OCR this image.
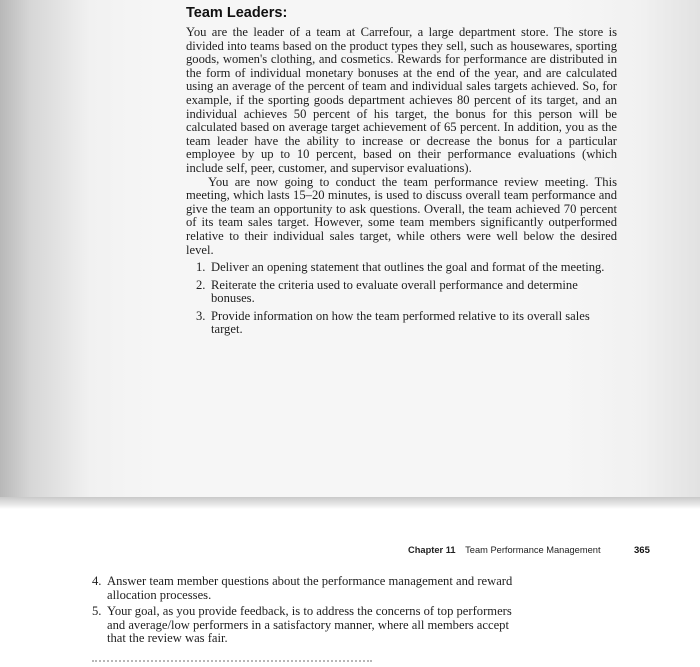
Team Leaders:

You are the leader of a team at Carrefour, a large department store. The store is divided into teams based on the product types they sell, such as housewares, sporting goods, women's clothing, and cosmetics. Rewards for performance are distributed in the form of individual monetary bonuses at the end of the year, and are calculated using an average of the percent of team and individual sales targets achieved. So, for example, if the sporting goods department achieves 80 percent of its target, and an individual achieves 50 percent of his target, the bonus for this person will be calculated based on average target achievement of 65 percent. In addition, you as the team leader have the ability to increase or decrease the bonus for a particular employee by up to 10 percent, based on their performance evaluations (which include self, peer, customer, and supervisor evaluations).

You are now going to conduct the team performance review meeting. This meeting, which lasts 15–20 minutes, is used to discuss overall team performance and give the team an opportunity to ask questions. Overall, the team achieved 70 percent of its team sales target. However, some team members significantly outperformed relative to their individual sales target, while others were well below the desired level.

1. Deliver an opening statement that outlines the goal and format of the meeting.
2. Reiterate the criteria used to evaluate overall performance and determine bonuses.
3. Provide information on how the team performed relative to its overall sales target.
Chapter 11 Team Performance Management	365
4. Answer team member questions about the performance management and reward allocation processes.
5. Your goal, as you provide feedback, is to address the concerns of top performers and average/low performers in a satisfactory manner, where all members accept that the review was fair.
